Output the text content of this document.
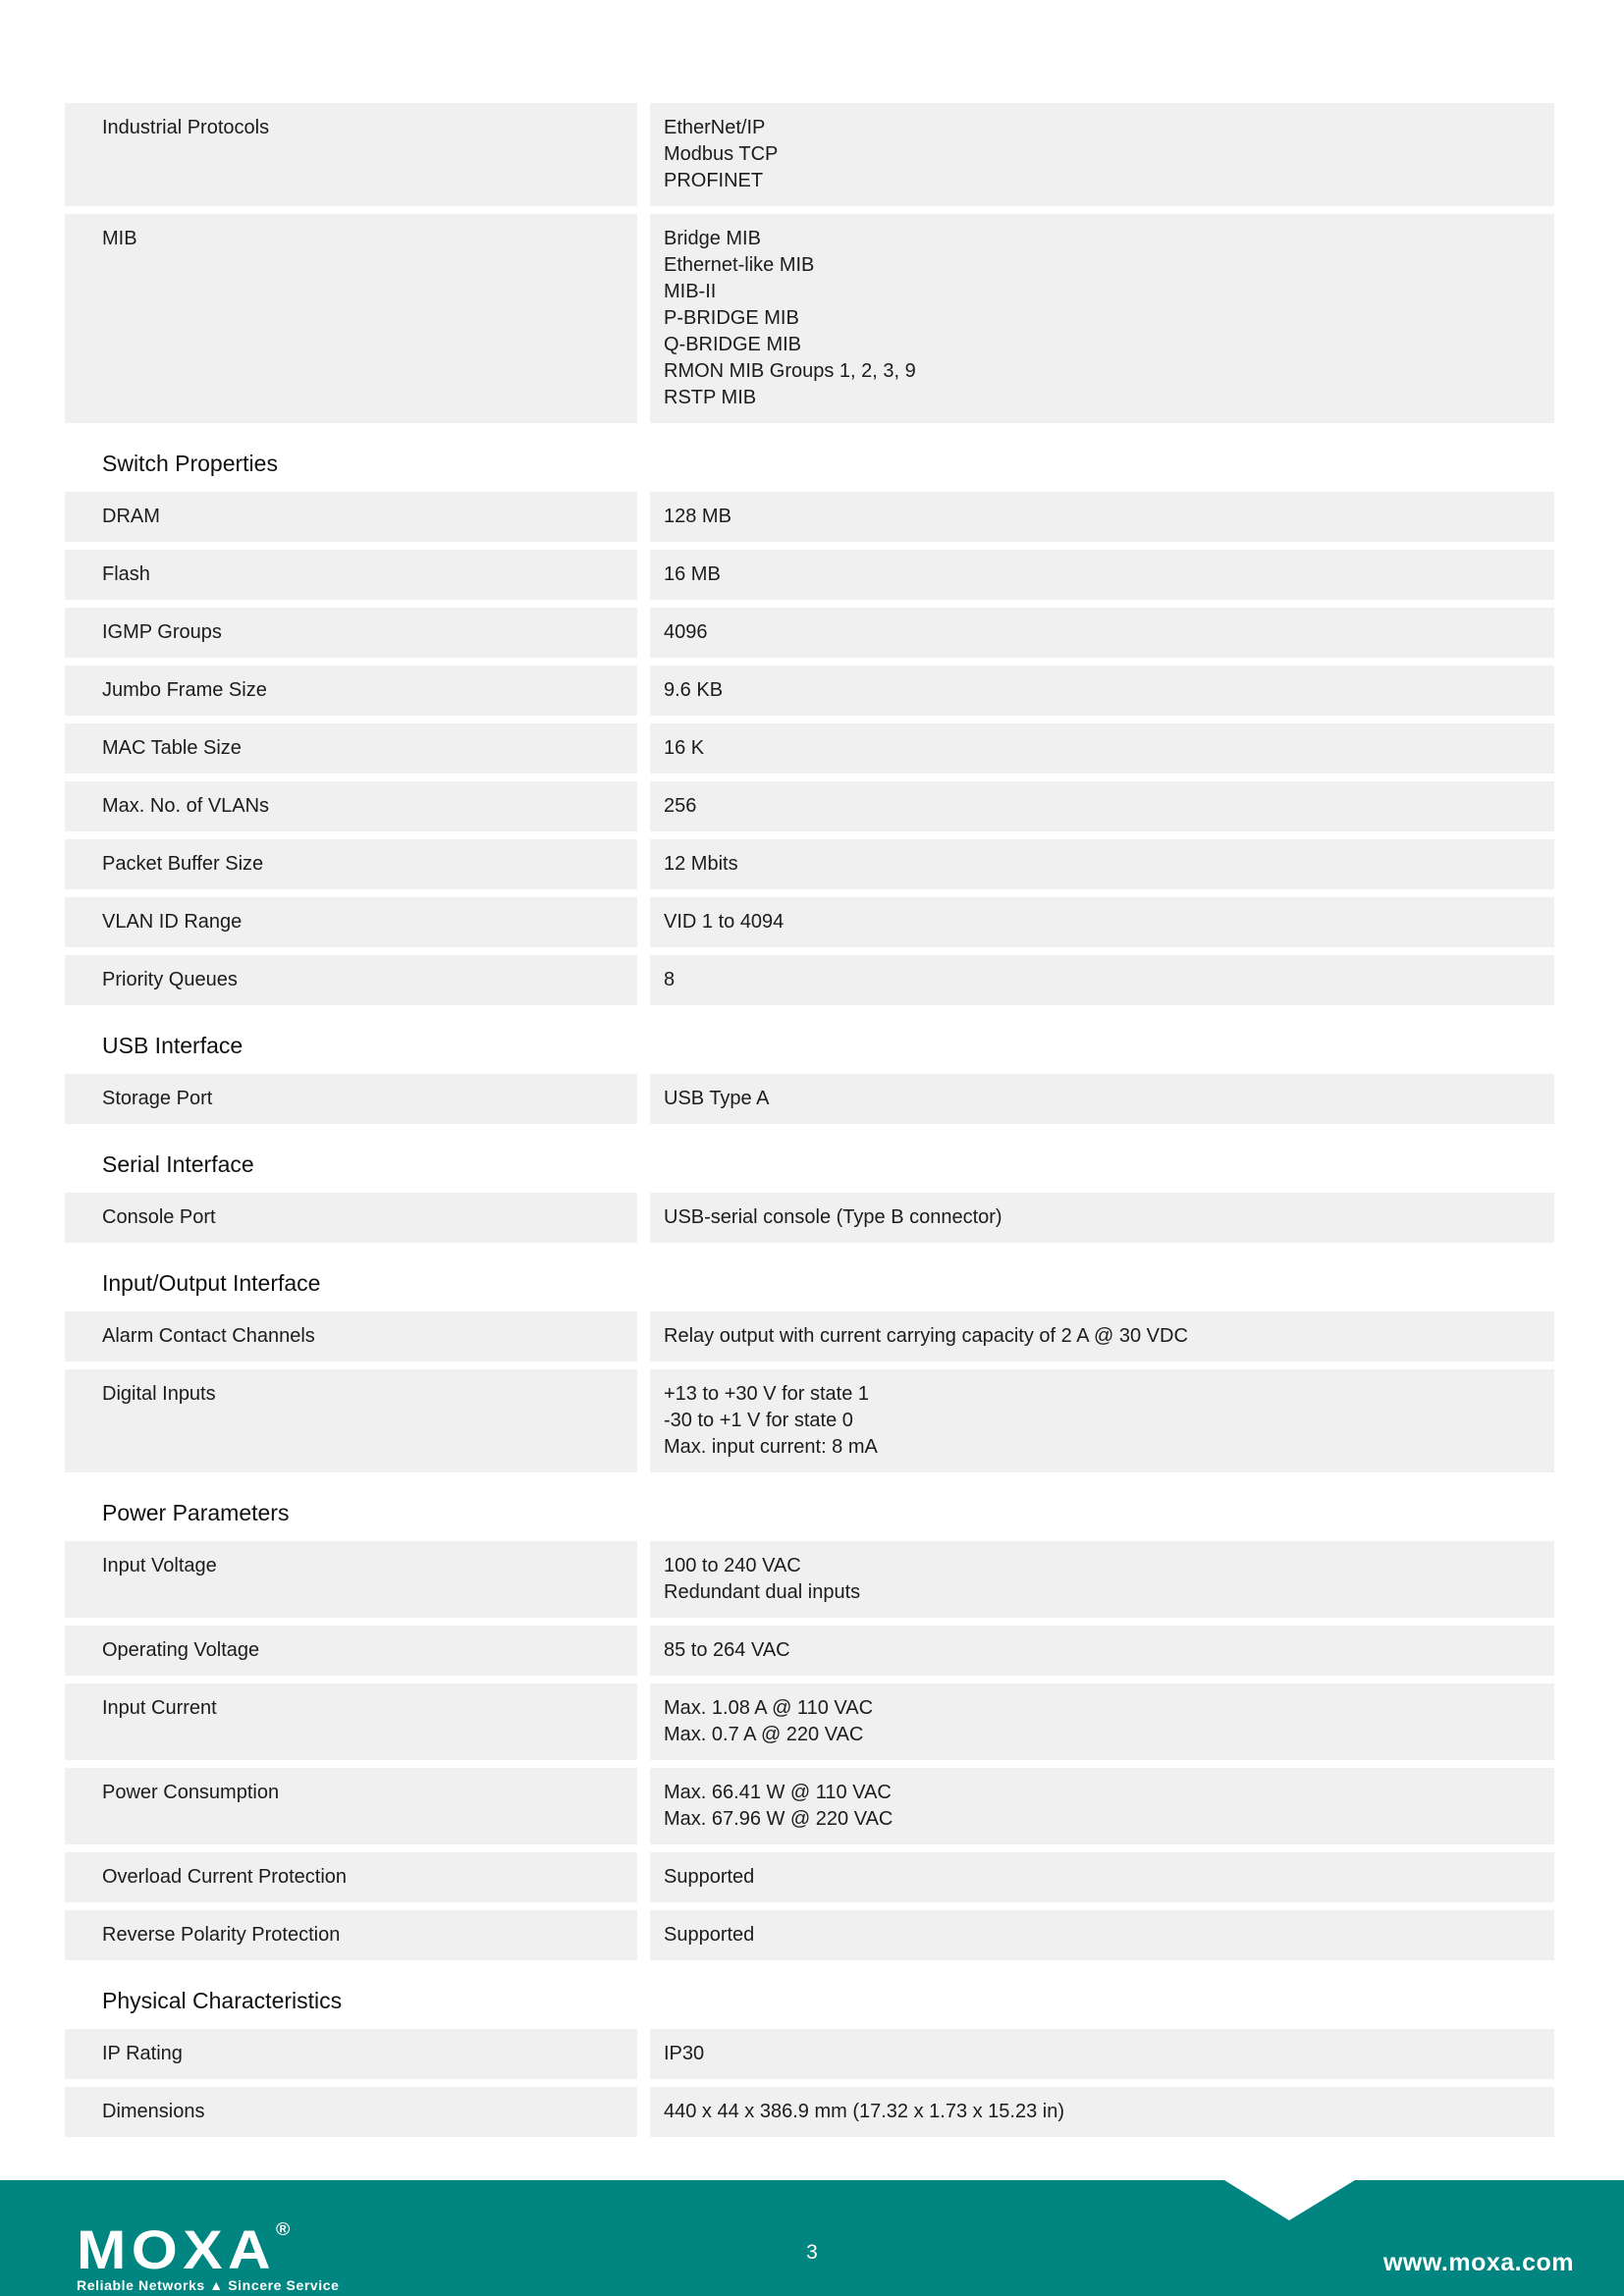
Industrial Protocols	EtherNet/IP
Modbus TCP
PROFINET
MIB	Bridge MIB
Ethernet-like MIB
MIB-II
P-BRIDGE MIB
Q-BRIDGE MIB
RMON MIB Groups 1, 2, 3, 9
RSTP MIB
Switch Properties
DRAM	128 MB
Flash	16 MB
IGMP Groups	4096
Jumbo Frame Size	9.6 KB
MAC Table Size	16 K
Max. No. of VLANs	256
Packet Buffer Size	12 Mbits
VLAN ID Range	VID 1 to 4094
Priority Queues	8
USB Interface
Storage Port	USB Type A
Serial Interface
Console Port	USB-serial console (Type B connector)
Input/Output Interface
Alarm Contact Channels	Relay output with current carrying capacity of 2 A @ 30 VDC
Digital Inputs	+13 to +30 V for state 1
-30 to +1 V for state 0
Max. input current: 8 mA
Power Parameters
Input Voltage	100 to 240 VAC
Redundant dual inputs
Operating Voltage	85 to 264 VAC
Input Current	Max. 1.08 A @ 110 VAC
Max. 0.7 A @ 220 VAC
Power Consumption	Max. 66.41 W @ 110 VAC
Max. 67.96 W @ 220 VAC
Overload Current Protection	Supported
Reverse Polarity Protection	Supported
Physical Characteristics
IP Rating	IP30
Dimensions	440 x 44 x 386.9 mm (17.32 x 1.73 x 15.23 in)
MOXA®
Reliable Networks ▲ Sincere Service
3	www.moxa.com
